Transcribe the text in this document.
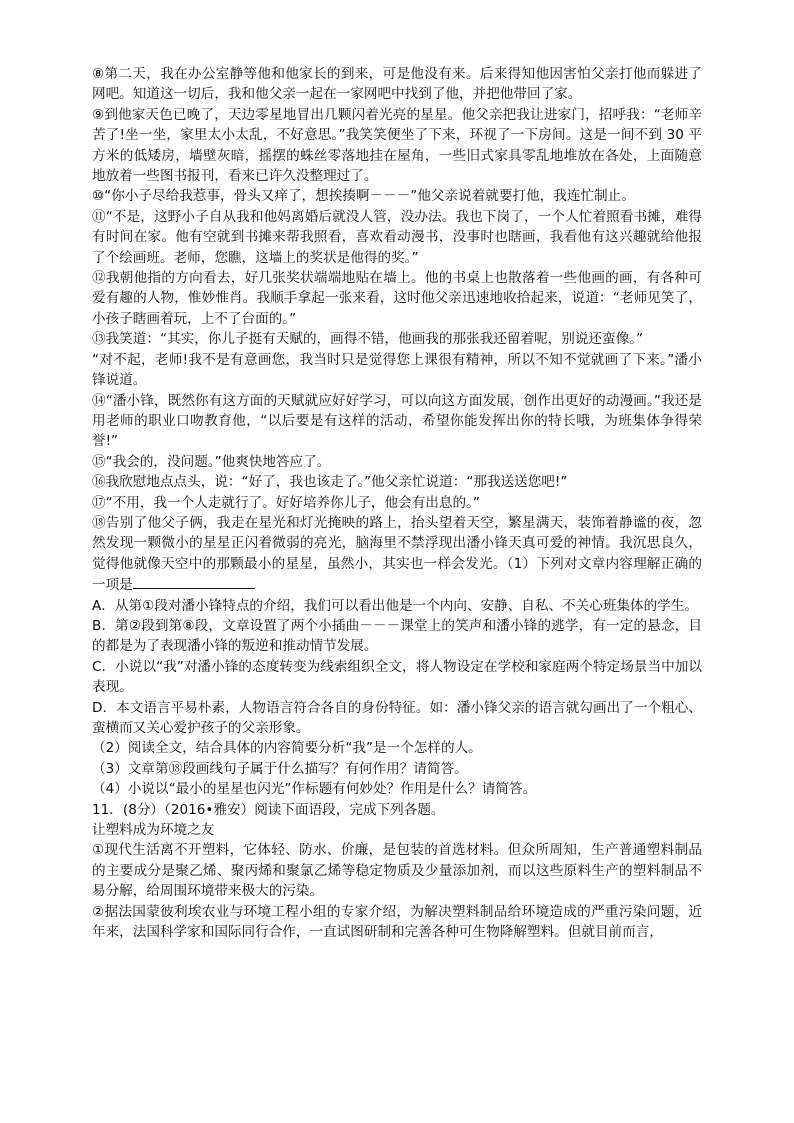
⑧第二天，我在办公室静等他和他家长的到来，可是他没有来。后来得知他因害怕父亲打他而躲进了网吧。知道这一切后，我和他父亲一起在一家网吧中找到了他，并把他带回了家。

⑨到他家天色已晚了，天边零星地冒出几颗闪着光亮的星星。他父亲把我让进家门，招呼我：“老师辛苦了!坐一坐，家里太小太乱，不好意思。”我笑笑便坐了下来，环视了一下房间。这是一间不到 30 平方米的低矮房，墙壁灰暗，摇摆的蛛丝零落地挂在屋角，一些旧式家具零乱地堆放在各处，上面随意地放着一些图书报刊，看来已许久没整理过了。

⑩“你小子尽给我惹事，骨头又痒了，想挨揍啊－－－”他父亲说着就要打他，我连忙制止。

⑪“不是，这野小子自从我和他妈离婚后就没人管，没办法。我也下岗了，一个人忙着照看书摊，难得有时间在家。他有空就到书摊来帮我照看，喜欢看动漫书，没事时也瞎画，我看他有这兴趣就给他报了个绘画班。老师，您瞧，这墙上的奖状是他得的奖。”

⑫我朝他指的方向看去，好几张奖状端端地贴在墙上。他的书桌上也散落着一些他画的画，有各种可爱有趣的人物，惟妙惟肖。我顺手拿起一张来看，这时他父亲迅速地收拾起来，说道：“老师见笑了，小孩子瞎画着玩，上不了台面的。”

⑬我笑道：“其实，你儿子挺有天赋的，画得不错，他画我的那张我还留着呢，别说还蛮像。”

“对不起，老师!我不是有意画您，我当时只是觉得您上课很有精神，所以不知不觉就画了下来。”潘小锋说道。

⑭“潘小锋，既然你有这方面的天赋就应好好学习，可以向这方面发展，创作出更好的动漫画。”我还是用老师的职业口吻教育他，“以后要是有这样的活动，希望你能发挥出你的特长哦，为班集体争得荣誉!”

⑮“我会的，没问题。”他爽快地答应了。

⑯我欣慰地点点头，说：“好了，我也该走了。”他父亲忙说道：“那我送送您吧!”

⑰“不用，我一个人走就行了。好好培养你儿子，他会有出息的。”

⑱告别了他父子俩，我走在星光和灯光掩映的路上，抬头望着天空，繁星满天，装饰着静谧的夜，忽然发现一颗微小的星星正闪着微弱的亮光，脑海里不禁浮现出潘小锋天真可爱的神情。我沉思良久，觉得他就像天空中的那颗最小的星星，虽然小，其实也一样会发光。（1）下列对文章内容理解正确的一项是

A．从第①段对潘小锋特点的介绍，我们可以看出他是一个内向、安静、自私、不关心班集体的学生。

B．第②段到第⑧段，文章设置了两个小插曲－－－课堂上的笑声和潘小锋的逃学，有一定的悬念，目的都是为了表现潘小锋的叛逆和推动情节发展。

C．小说以“我”对潘小锋的态度转变为线索组织全文，将人物设定在学校和家庭两个特定场景当中加以表现。

D．本文语言平易朴素，人物语言符合各自的身份特征。如：潘小锋父亲的语言就勾画出了一个粗心、蛮横而又关心爱护孩子的父亲形象。

（2）阅读全文，结合具体的内容简要分析“我”是一个怎样的人。

（3）文章第⑱段画线句子属于什么描写？有何作用？请简答。

（4）小说以“最小的星星也闪光”作标题有何妙处？作用是什么？请简答。

11．(8分）（2016•雅安）阅读下面语段，完成下列各题。

让塑料成为环境之友

①现代生活离不开塑料，它体轻、防水、价廉，是包装的首选材料。但众所周知，生产普通塑料制品的主要成分是聚乙烯、聚丙烯和聚氯乙烯等稳定物质及少量添加剂，而以这些原料生产的塑料制品不易分解，给周围环境带来极大的污染。

②据法国蒙彼利埃农业与环境工程小组的专家介绍，为解决塑料制品给环境造成的严重污染问题，近年来，法国科学家和国际同行合作，一直试图研制和完善各种可生物降解塑料。但就目前而言，
